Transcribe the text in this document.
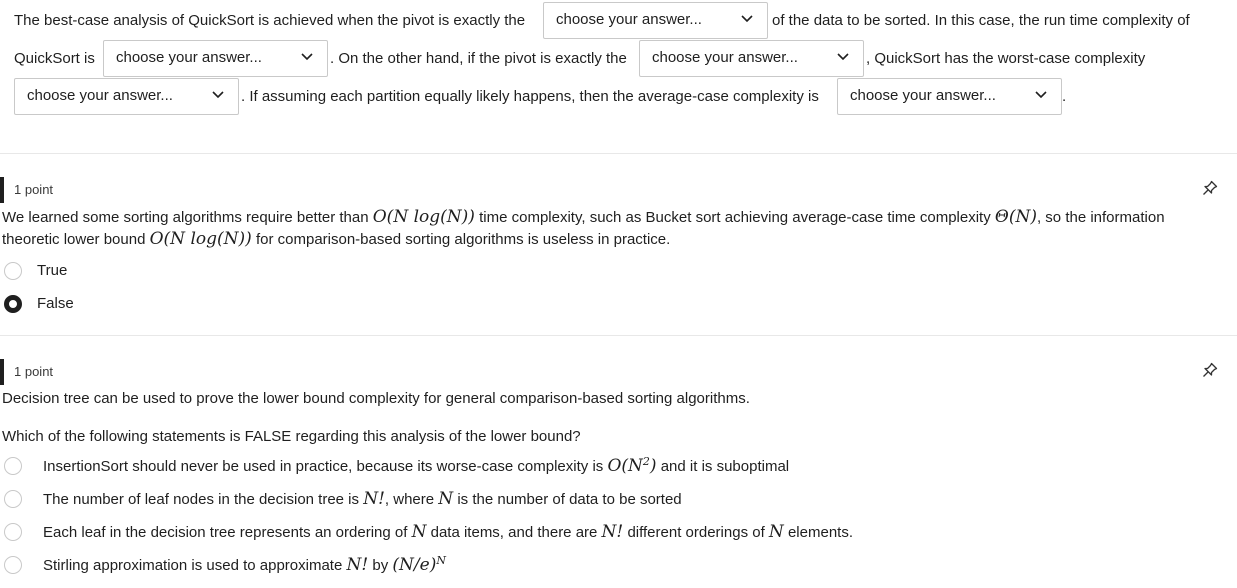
The best-case analysis of QuickSort is achieved when the pivot is exactly the choose your answer...	of the data to be sorted. In this case, the run time complexity of
QuickSort is choose your answer...	. On the other hand, if the pivot is exactly the choose your answer...	, QuickSort has the worst-case complexity
choose your answer...	. If assuming each partition equally likely happens, then the average-case complexity is choose your answer...	.
1 point
We learned some sorting algorithms require better than O(N log(N)) time complexity, such as Bucket sort achieving average-case time complexity Θ(N), so the information
theoretic lower bound O(N log(N)) for comparison-based sorting algorithms is useless in practice.
True
False
1 point
Decision tree can be used to prove the lower bound complexity for general comparison-based sorting algorithms.
Which of the following statements is FALSE regarding this analysis of the lower bound?
InsertionSort should never be used in practice, because its worse-case complexity is $O(N^2)$ and it is suboptimal
The number of leaf nodes in the decision tree is N!, where N is the number of data to be sorted
Each leaf in the decision tree represents an ordering of N data items, and there are N! different orderings of N elements.
Stirling approximation is used to approximate N! by $(N/e)^N$
